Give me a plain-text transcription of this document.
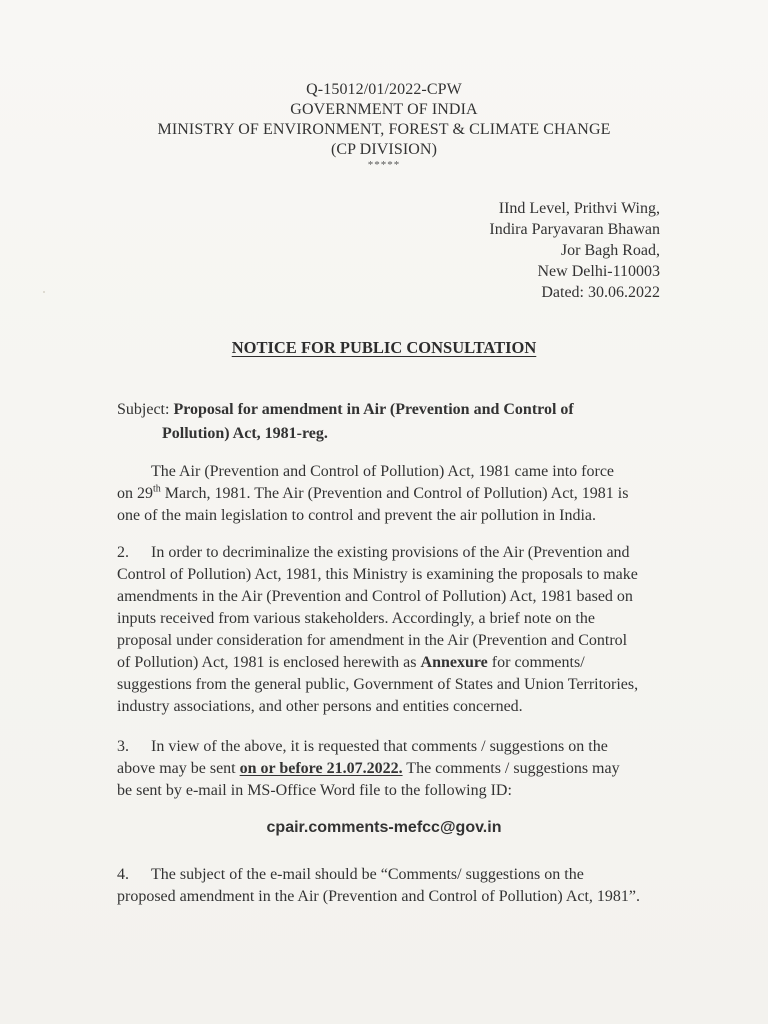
Q-15012/01/2022-CPW
GOVERNMENT OF INDIA
MINISTRY OF ENVIRONMENT, FOREST & CLIMATE CHANGE
(CP DIVISION)
*****
IInd Level, Prithvi Wing,
Indira Paryavaran Bhawan
Jor Bagh Road,
New Delhi-110003
Dated: 30.06.2022
NOTICE FOR PUBLIC CONSULTATION
Subject: Proposal for amendment in Air (Prevention and Control of
Pollution) Act, 1981-reg.
The Air (Prevention and Control of Pollution) Act, 1981 came into force
on 29th March, 1981. The Air (Prevention and Control of Pollution) Act, 1981 is
one of the main legislation to control and prevent the air pollution in India.
2. In order to decriminalize the existing provisions of the Air (Prevention and
Control of Pollution) Act, 1981, this Ministry is examining the proposals to make
amendments in the Air (Prevention and Control of Pollution) Act, 1981 based on
inputs received from various stakeholders. Accordingly, a brief note on the
proposal under consideration for amendment in the Air (Prevention and Control
of Pollution) Act, 1981 is enclosed herewith as Annexure for comments/
suggestions from the general public, Government of States and Union Territories,
industry associations, and other persons and entities concerned.
3. In view of the above, it is requested that comments / suggestions on the
above may be sent on or before 21.07.2022. The comments / suggestions may
be sent by e-mail in MS-Office Word file to the following ID:
cpair.comments-mefcc@gov.in
4. The subject of the e-mail should be “Comments/ suggestions on the
proposed amendment in the Air (Prevention and Control of Pollution) Act, 1981”.
